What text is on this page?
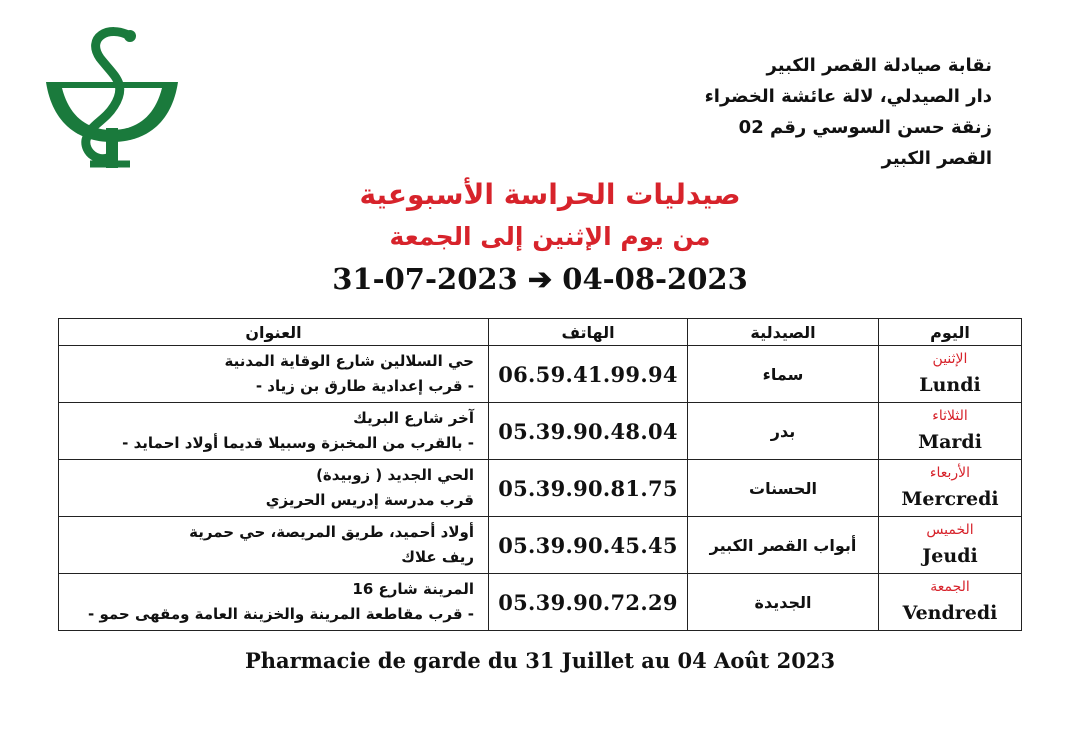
نقابة صيادلة القصر الكبير
دار الصيدلي، لالة عائشة الخضراء
زنقة حسن السوسي رقم 02
القصر الكبير
صيدليات الحراسة الأسبوعية
من يوم الإثنين إلى الجمعة
31-07-2023 ➔ 04-08-2023
اليوم	الصيدلية	الهاتف	العنوان

الإثنين
Lundi	سماء	06.59.41.99.94	حي السلالين شارع الوقاية المدنية
- قرب إعدادية طارق بن زياد -

الثلاثاء
Mardi	بدر	05.39.90.48.04	آخر شارع البريك
- بالقرب من المخبزة وسبيلا قديما أولاد احمايد -

الأربعاء
Mercredi	الحسنات	05.39.90.81.75	الحي الجديد ( زوبيدة)
قرب مدرسة إدريس الحريزي

الخميس
Jeudi	أبواب القصر الكبير	05.39.90.45.45	أولاد أحميد، طريق المريصة، حي حمرية
ريف علاك

الجمعة
Vendredi	الجديدة	05.39.90.72.29	المرينة شارع 16
- قرب مقاطعة المرينة والخزينة العامة ومقهى حمو -
Pharmacie de garde du 31 Juillet au 04 Août 2023
